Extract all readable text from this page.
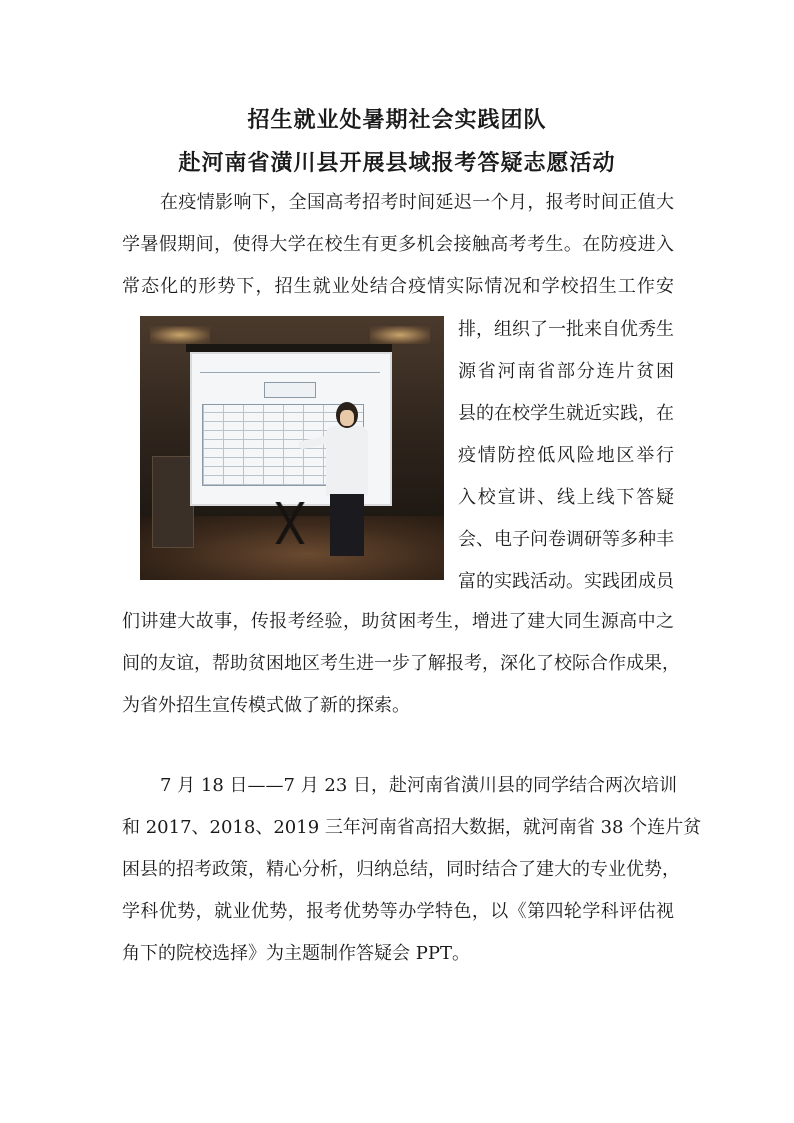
招生就业处暑期社会实践团队
赴河南省潢川县开展县域报考答疑志愿活动

在疫情影响下，全国高考招考时间延迟一个月，报考时间正值大

学暑假期间，使得大学在校生有更多机会接触高考考生。在防疫进入

常态化的形势下，招生就业处结合疫情实际情况和学校招生工作安

排，组织了一批来自优秀生

源省河南省部分连片贫困

县的在校学生就近实践，在

疫情防控低风险地区举行

入校宣讲、线上线下答疑

会、电子问卷调研等多种丰

富的实践活动。实践团成员

们讲建大故事，传报考经验，助贫困考生，增进了建大同生源高中之

间的友谊，帮助贫困地区考生进一步了解报考，深化了校际合作成果，

为省外招生宣传模式做了新的探索。

7 月 18 日——7 月 23 日，赴河南省潢川县的同学结合两次培训

和 2017、2018、2019 三年河南省高招大数据，就河南省 38 个连片贫

困县的招考政策，精心分析，归纳总结，同时结合了建大的专业优势，

学科优势，就业优势，报考优势等办学特色，以《第四轮学科评估视

角下的院校选择》为主题制作答疑会 PPT。
